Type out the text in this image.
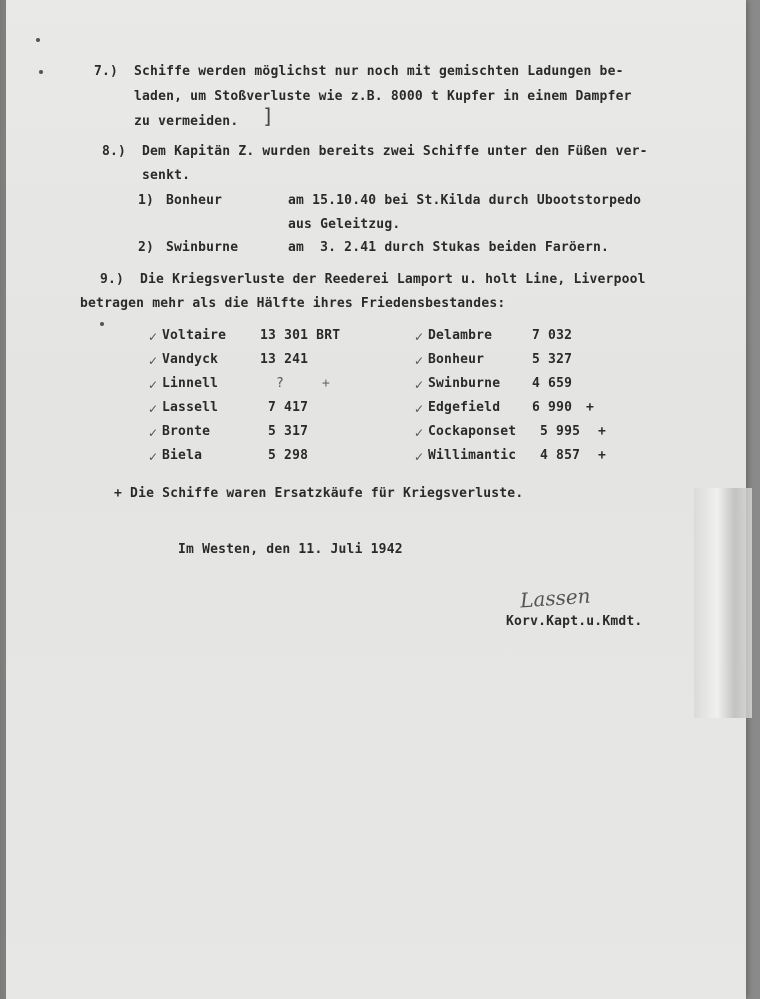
7.) Schiffe werden möglichst nur noch mit gemischten Ladungen be-
laden, um Stoßverluste wie z.B. 8000 t Kupfer in einem Dampfer
zu vermeiden. ]
8.) Dem Kapitän Z. wurden bereits zwei Schiffe unter den Füßen ver-
senkt.
1) Bonheur	am 15.10.40 bei St.Kilda durch Ubootstorpedo
aus Geleitzug.
2) Swinburne	am  3. 2.41 durch Stukas beiden Faröern.
9.) Die Kriegsverluste der Reederei Lamport u. holt Line, Liverpool
betragen mehr als die Hälfte ihres Friedensbestandes:
✓ Voltaire	13 301 BRT
✓ Vandyck	13 241
✓ Linnell	?	+
✓ Lassell	7 417
✓ Bronte	5 317
✓ Biela	5 298
✓ Delambre	7 032
✓ Bonheur	5 327
✓ Swinburne 4 659
✓ Edgefield 6 990 +
✓ Cockaponset 5 995 +
✓ Willimantic 4 857 +
+ Die Schiffe waren Ersatzkäufe für Kriegsverluste.
Im Westen, den 11. Juli 1942
Lassen
Korv.Kapt.u.Kmdt.
